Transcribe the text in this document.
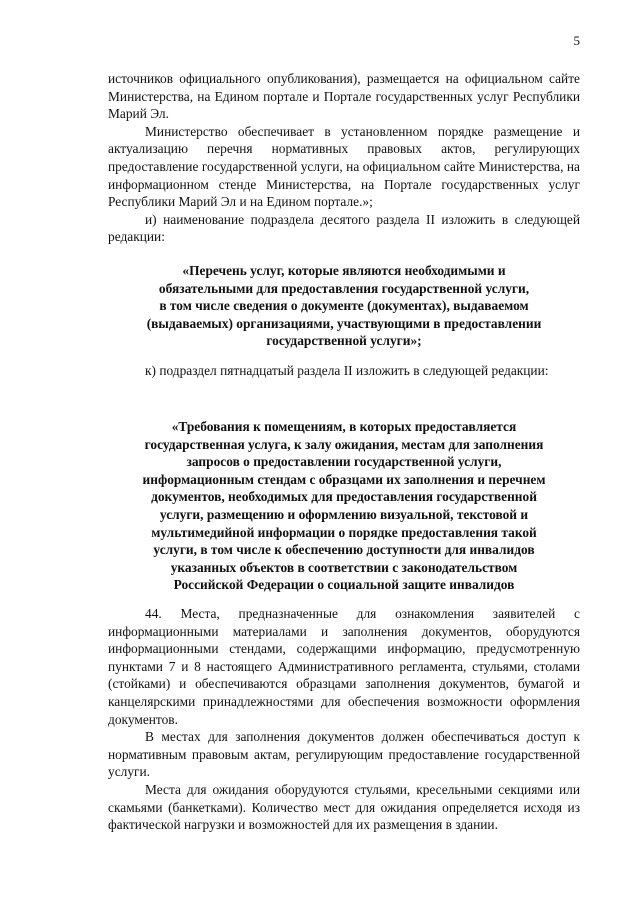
5

источников официального опубликования), размещается на официальном сайте Министерства, на Едином портале и Портале государственных услуг Республики Марий Эл.

Министерство обеспечивает в установленном порядке размещение и актуализацию перечня нормативных правовых актов, регулирующих предоставление государственной услуги, на официальном сайте Министерства, на информационном стенде Министерства, на Портале государственных услуг Республики Марий Эл и на Едином портале.»;

и) наименование подраздела десятого раздела II изложить в следующей редакции:

«Перечень услуг, которые являются необходимыми и

обязательными для предоставления государственной услуги,

в том числе сведения о документе (документах), выдаваемом

(выдаваемых) организациями, участвующими в предоставлении

государственной услуги»;

к) подраздел пятнадцатый раздела II изложить в следующей редакции:

«Требования к помещениям, в которых предоставляется

государственная услуга, к залу ожидания, местам для заполнения

запросов о предоставлении государственной услуги,

информационным стендам с образцами их заполнения и перечнем

документов, необходимых для предоставления государственной

услуги, размещению и оформлению визуальной, текстовой и

мультимедийной информации о порядке предоставления такой

услуги, в том числе к обеспечению доступности для инвалидов

указанных объектов в соответствии с законодательством

Российской Федерации о социальной защите инвалидов

44. Места, предназначенные для ознакомления заявителей с информационными материалами и заполнения документов, оборудуются информационными стендами, содержащими информацию, предусмотренную пунктами 7 и 8 настоящего Административного регламента, стульями, столами (стойками) и обеспечиваются образцами заполнения документов, бумагой и канцелярскими принадлежностями для обеспечения возможности оформления документов.

В местах для заполнения документов должен обеспечиваться доступ к нормативным правовым актам, регулирующим предоставление государственной услуги.

Места для ожидания оборудуются стульями, кресельными секциями или скамьями (банкетками). Количество мест для ожидания определяется исходя из фактической нагрузки и возможностей для их размещения в здании.
